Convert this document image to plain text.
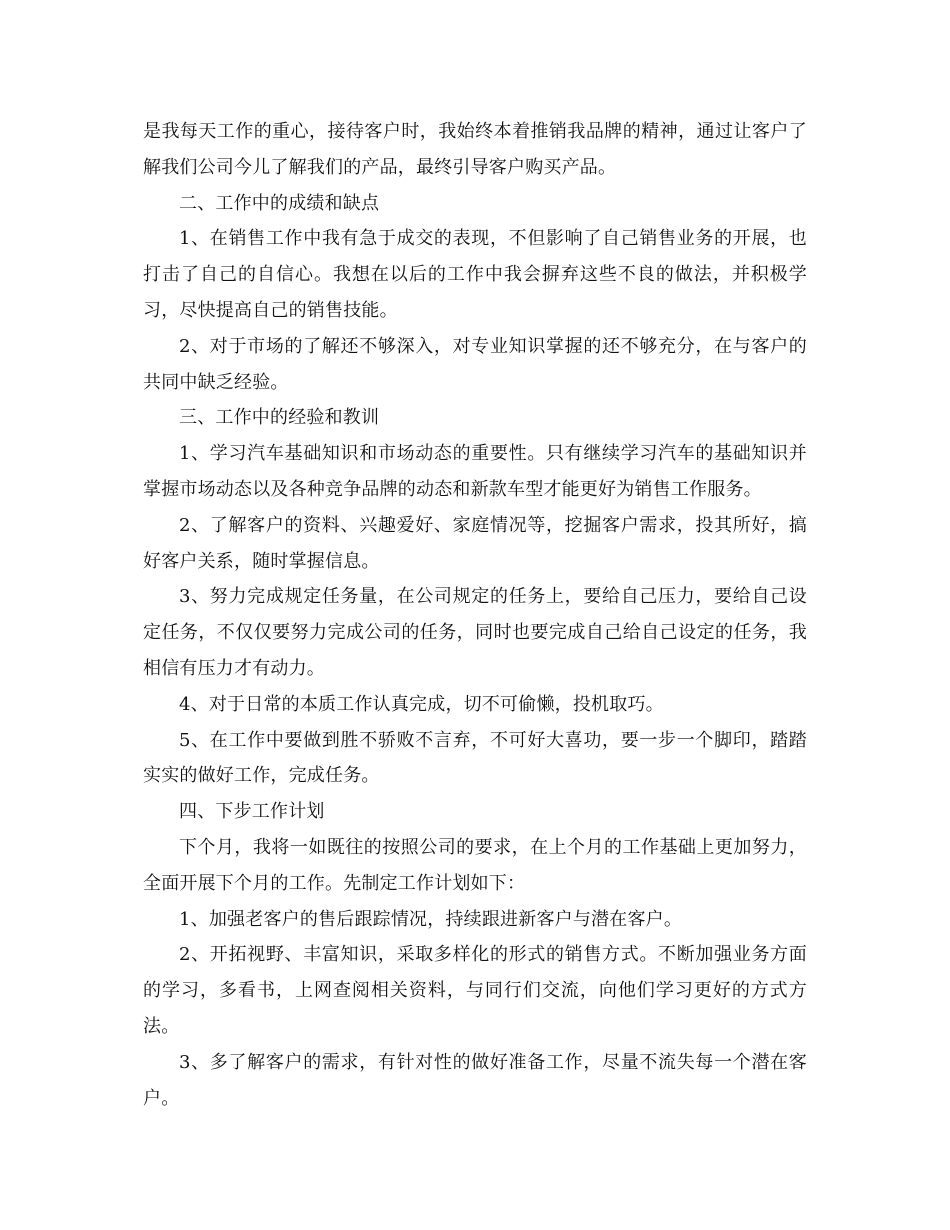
是我每天工作的重心，接待客户时，我始终本着推销我品牌的精神，通过让客户了解我们公司今儿了解我们的产品，最终引导客户购买产品。

二、工作中的成绩和缺点

1、在销售工作中我有急于成交的表现，不但影响了自己销售业务的开展，也打击了自己的自信心。我想在以后的工作中我会摒弃这些不良的做法，并积极学习，尽快提高自己的销售技能。

2、对于市场的了解还不够深入，对专业知识掌握的还不够充分，在与客户的共同中缺乏经验。

三、工作中的经验和教训

1、学习汽车基础知识和市场动态的重要性。只有继续学习汽车的基础知识并掌握市场动态以及各种竞争品牌的动态和新款车型才能更好为销售工作服务。

2、了解客户的资料、兴趣爱好、家庭情况等，挖掘客户需求，投其所好，搞好客户关系，随时掌握信息。

3、努力完成规定任务量，在公司规定的任务上，要给自己压力，要给自己设定任务，不仅仅要努力完成公司的任务，同时也要完成自己给自己设定的任务，我相信有压力才有动力。

4、对于日常的本质工作认真完成，切不可偷懒，投机取巧。

5、在工作中要做到胜不骄败不言弃，不可好大喜功，要一步一个脚印，踏踏实实的做好工作，完成任务。

四、下步工作计划

下个月，我将一如既往的按照公司的要求，在上个月的工作基础上更加努力，全面开展下个月的工作。先制定工作计划如下：

1、加强老客户的售后跟踪情况，持续跟进新客户与潜在客户。

2、开拓视野、丰富知识，采取多样化的形式的销售方式。不断加强业务方面的学习，多看书，上网查阅相关资料，与同行们交流，向他们学习更好的方式方法。

3、多了解客户的需求，有针对性的做好准备工作，尽量不流失每一个潜在客户。
